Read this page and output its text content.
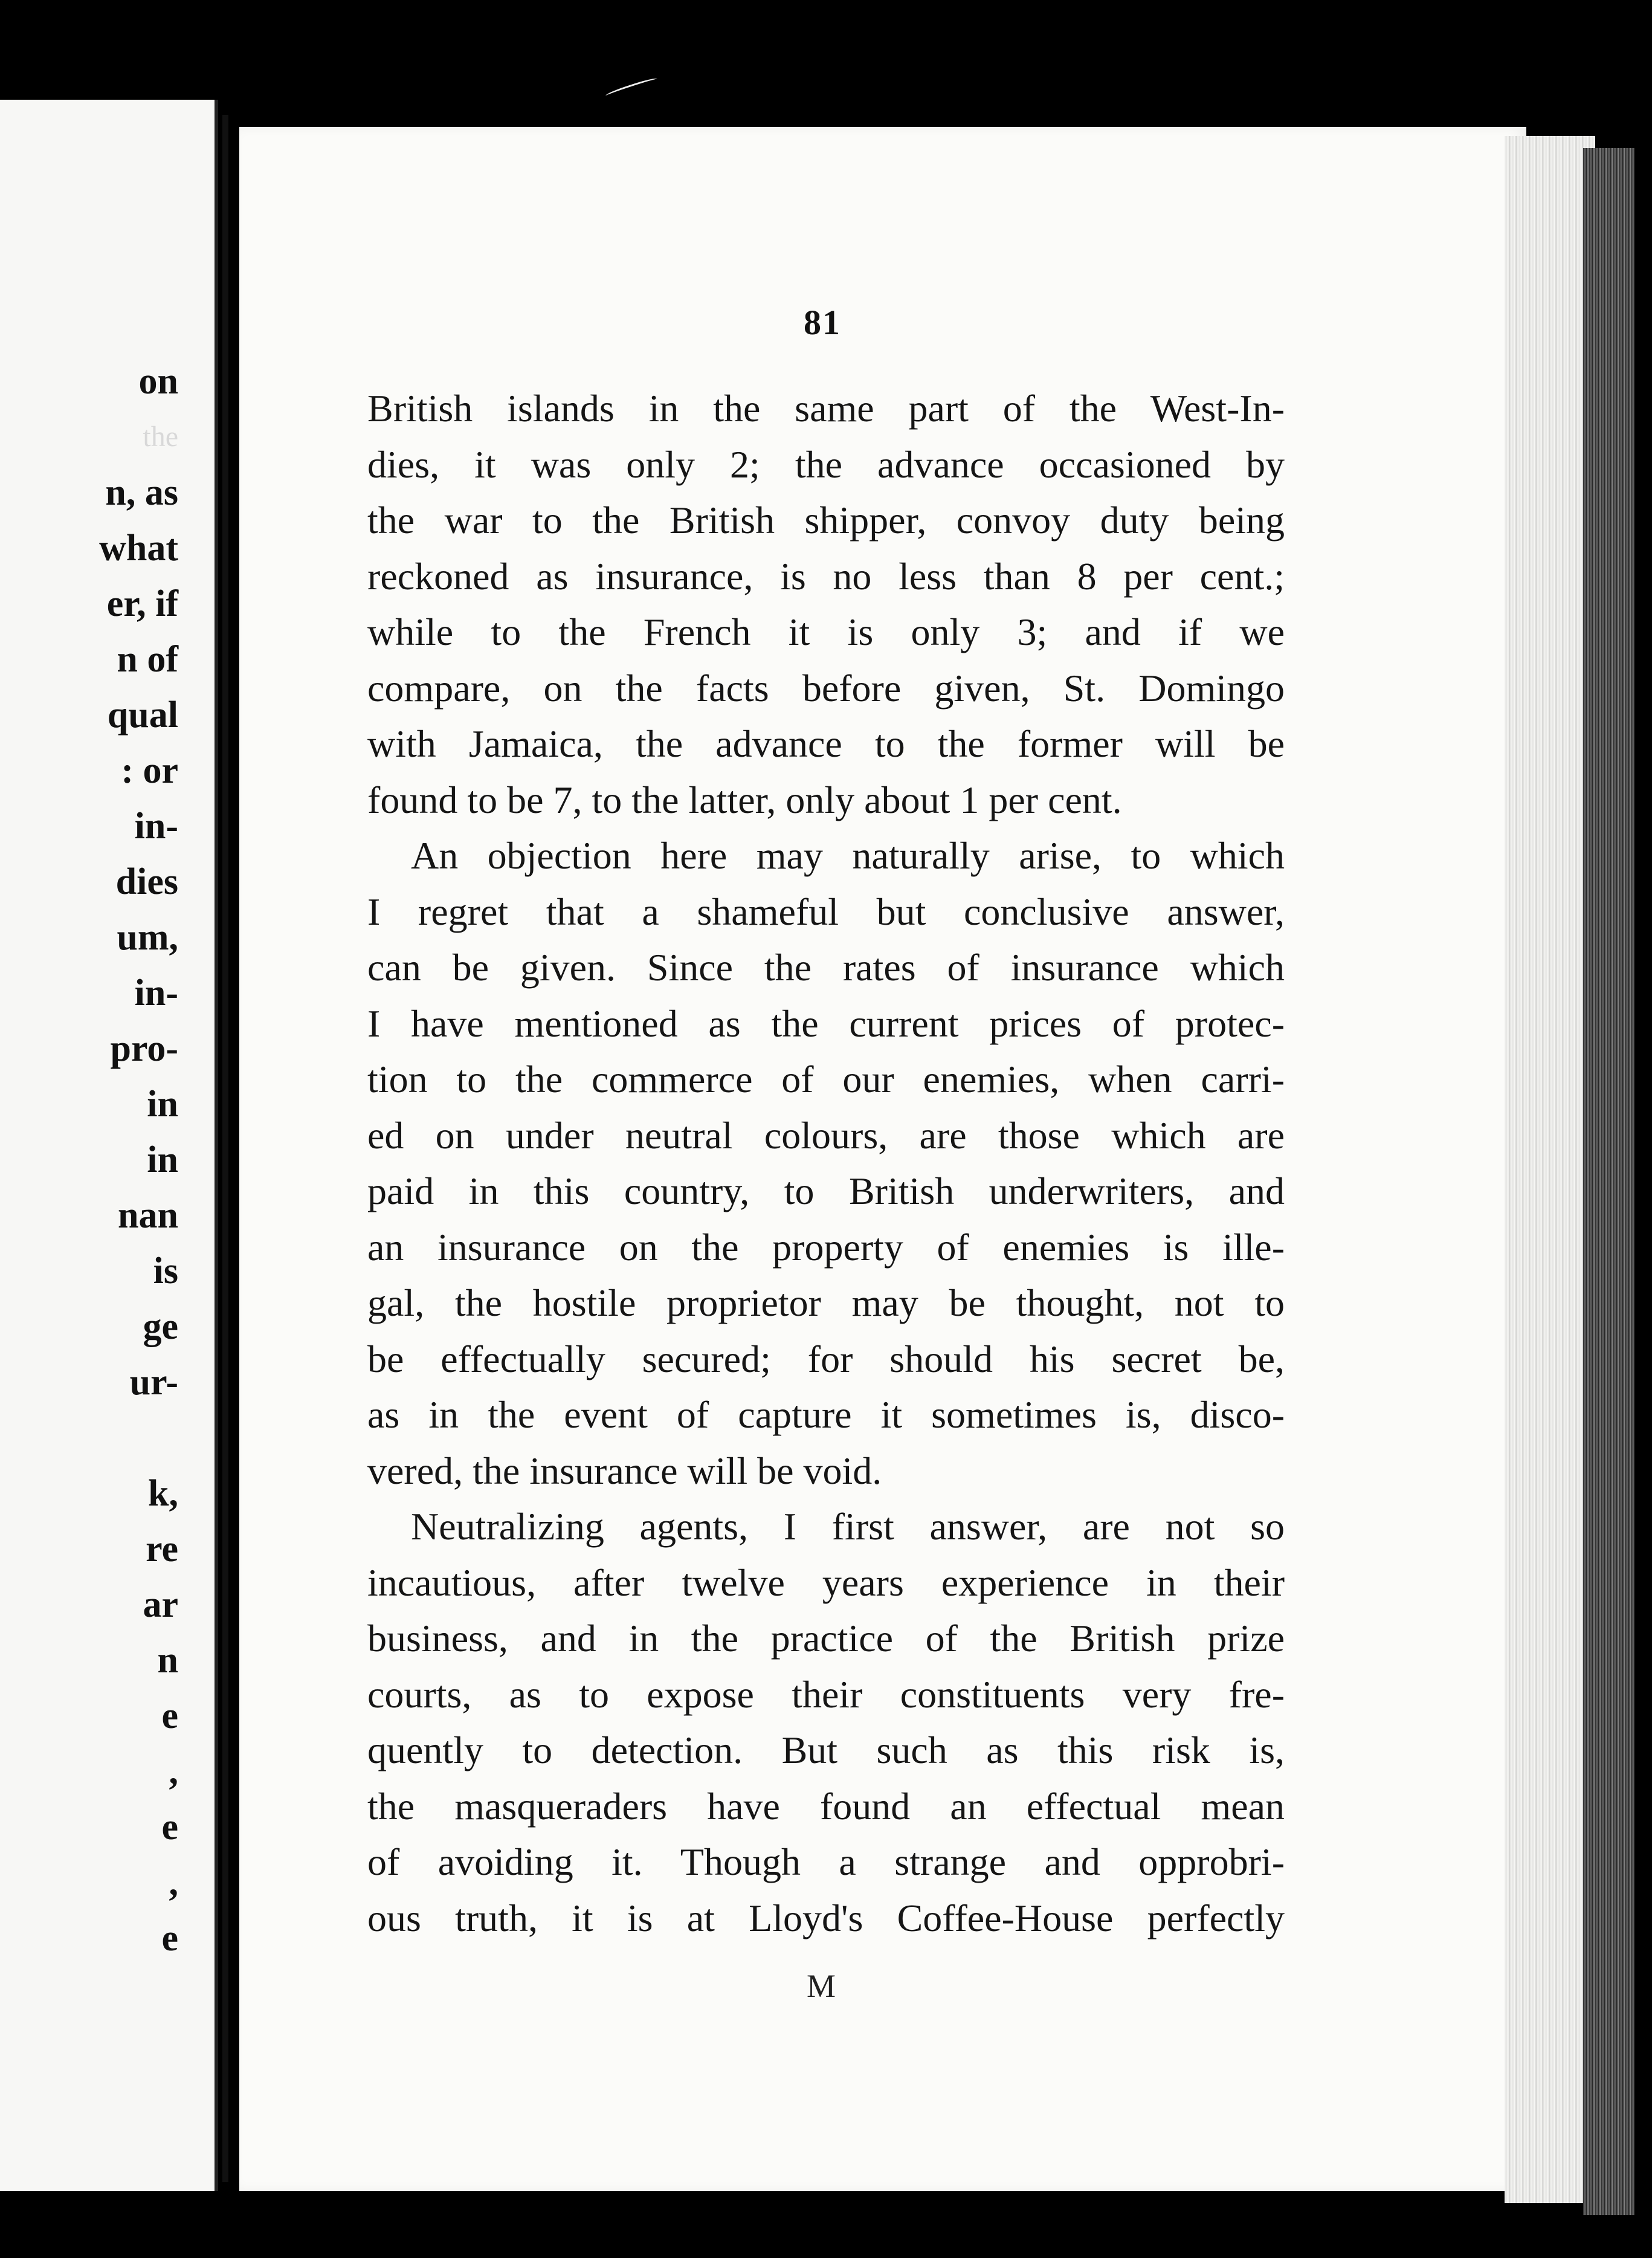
on
the
n, as
what
er, if
n of
qual
: or
in-
dies
um,
in-
pro-
in
in
nan
is
ge
ur-
k,
re
ar
n
e
,
e
,
e
81
British islands in the same part of the West-In-
dies, it was only 2; the advance occasioned by
the war to the British shipper, convoy duty being
reckoned as insurance, is no less than 8 per cent.;
while to the French it is only 3; and if we
compare, on the facts before given, St. Domingo
with Jamaica, the advance to the former will be
found to be 7, to the latter, only about 1 per cent.
An objection here may naturally arise, to which
I regret that a shameful but conclusive answer,
can be given. Since the rates of insurance which
I have mentioned as the current prices of protec-
tion to the commerce of our enemies, when carri-
ed on under neutral colours, are those which are
paid in this country, to British underwriters, and
an insurance on the property of enemies is ille-
gal, the hostile proprietor may be thought, not to
be effectually secured; for should his secret be,
as in the event of capture it sometimes is, disco-
vered, the insurance will be void.
Neutralizing agents, I first answer, are not so
incautious, after twelve years experience in their
business, and in the practice of the British prize
courts, as to expose their constituents very fre-
quently to detection. But such as this risk is,
the masqueraders have found an effectual mean
of avoiding it. Though a strange and opprobri-
ous truth, it is at Lloyd's Coffee-House perfectly
M
